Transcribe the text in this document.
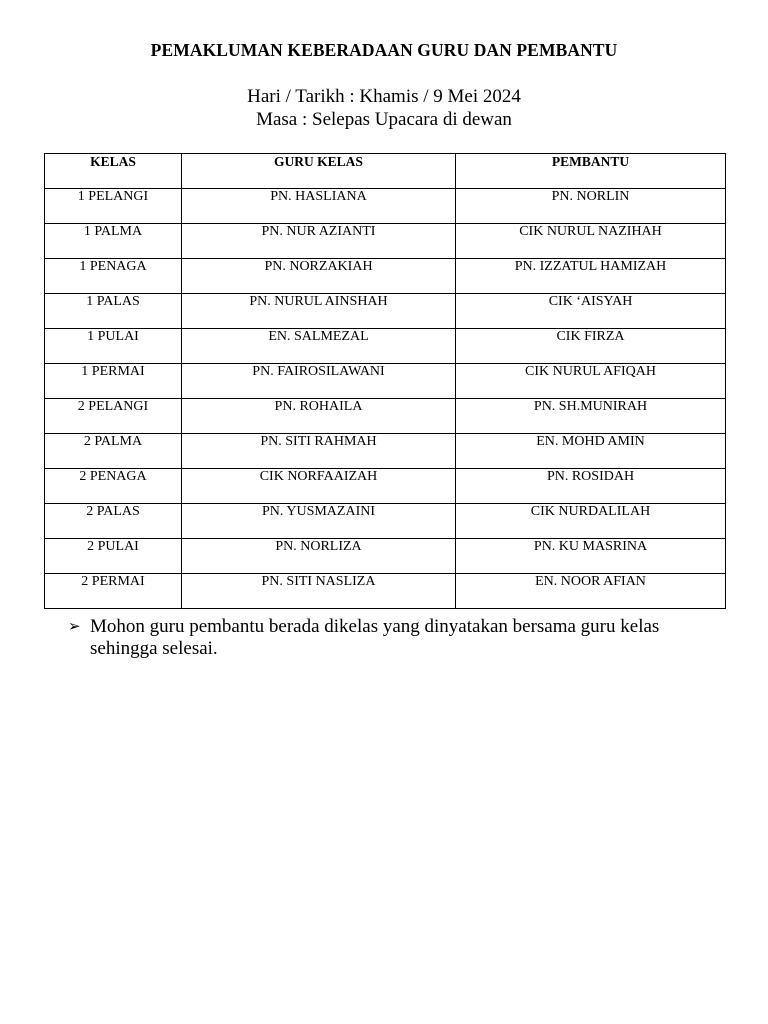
PEMAKLUMAN KEBERADAAN GURU DAN PEMBANTU

Hari / Tarikh : Khamis / 9 Mei 2024

Masa : Selepas Upacara di dewan

KELAS	GURU KELAS	PEMBANTU
1 PELANGI	PN. HASLIANA	PN. NORLIN
1 PALMA	PN. NUR AZIANTI	CIK NURUL NAZIHAH
1 PENAGA	PN. NORZAKIAH	PN. IZZATUL HAMIZAH
1 PALAS	PN. NURUL AINSHAH	CIK ‘AISYAH
1 PULAI	EN. SALMEZAL	CIK FIRZA
1 PERMAI	PN. FAIROSILAWANI	CIK NURUL AFIQAH
2 PELANGI	PN. ROHAILA	PN. SH.MUNIRAH
2 PALMA	PN. SITI RAHMAH	EN. MOHD AMIN
2 PENAGA	CIK NORFAAIZAH	PN. ROSIDAH
2 PALAS	PN. YUSMAZAINI	CIK NURDALILAH
2 PULAI	PN. NORLIZA	PN. KU MASRINA
2 PERMAI	PN. SITI NASLIZA	EN. NOOR AFIAN
➢ Mohon guru pembantu berada dikelas yang dinyatakan bersama guru kelas sehingga selesai.
